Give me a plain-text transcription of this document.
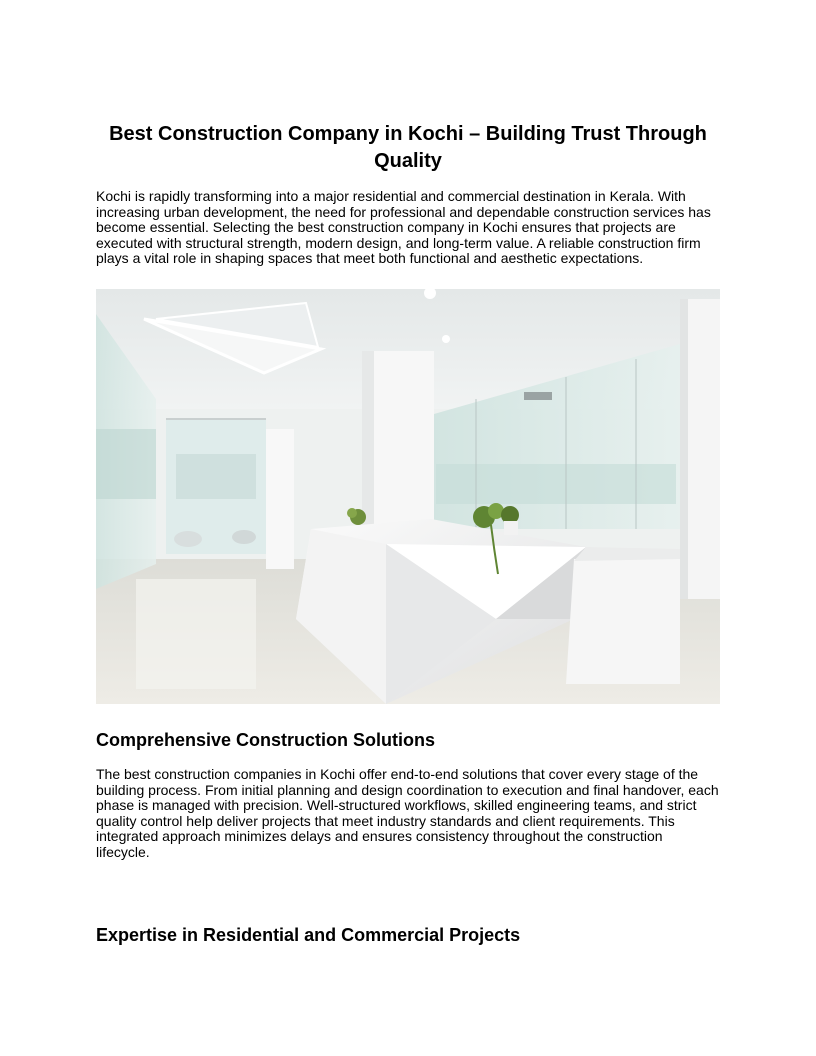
Best Construction Company in Kochi – Building Trust Through Quality

Kochi is rapidly transforming into a major residential and commercial destination in Kerala. With increasing urban development, the need for professional and dependable construction services has become essential. Selecting the best construction company in Kochi ensures that projects are executed with structural strength, modern design, and long-term value. A reliable construction firm plays a vital role in shaping spaces that meet both functional and aesthetic expectations.

Comprehensive Construction Solutions

The best construction companies in Kochi offer end-to-end solutions that cover every stage of the building process. From initial planning and design coordination to execution and final handover, each phase is managed with precision. Well-structured workflows, skilled engineering teams, and strict quality control help deliver projects that meet industry standards and client requirements. This integrated approach minimizes delays and ensures consistency throughout the construction lifecycle.

Expertise in Residential and Commercial Projects
